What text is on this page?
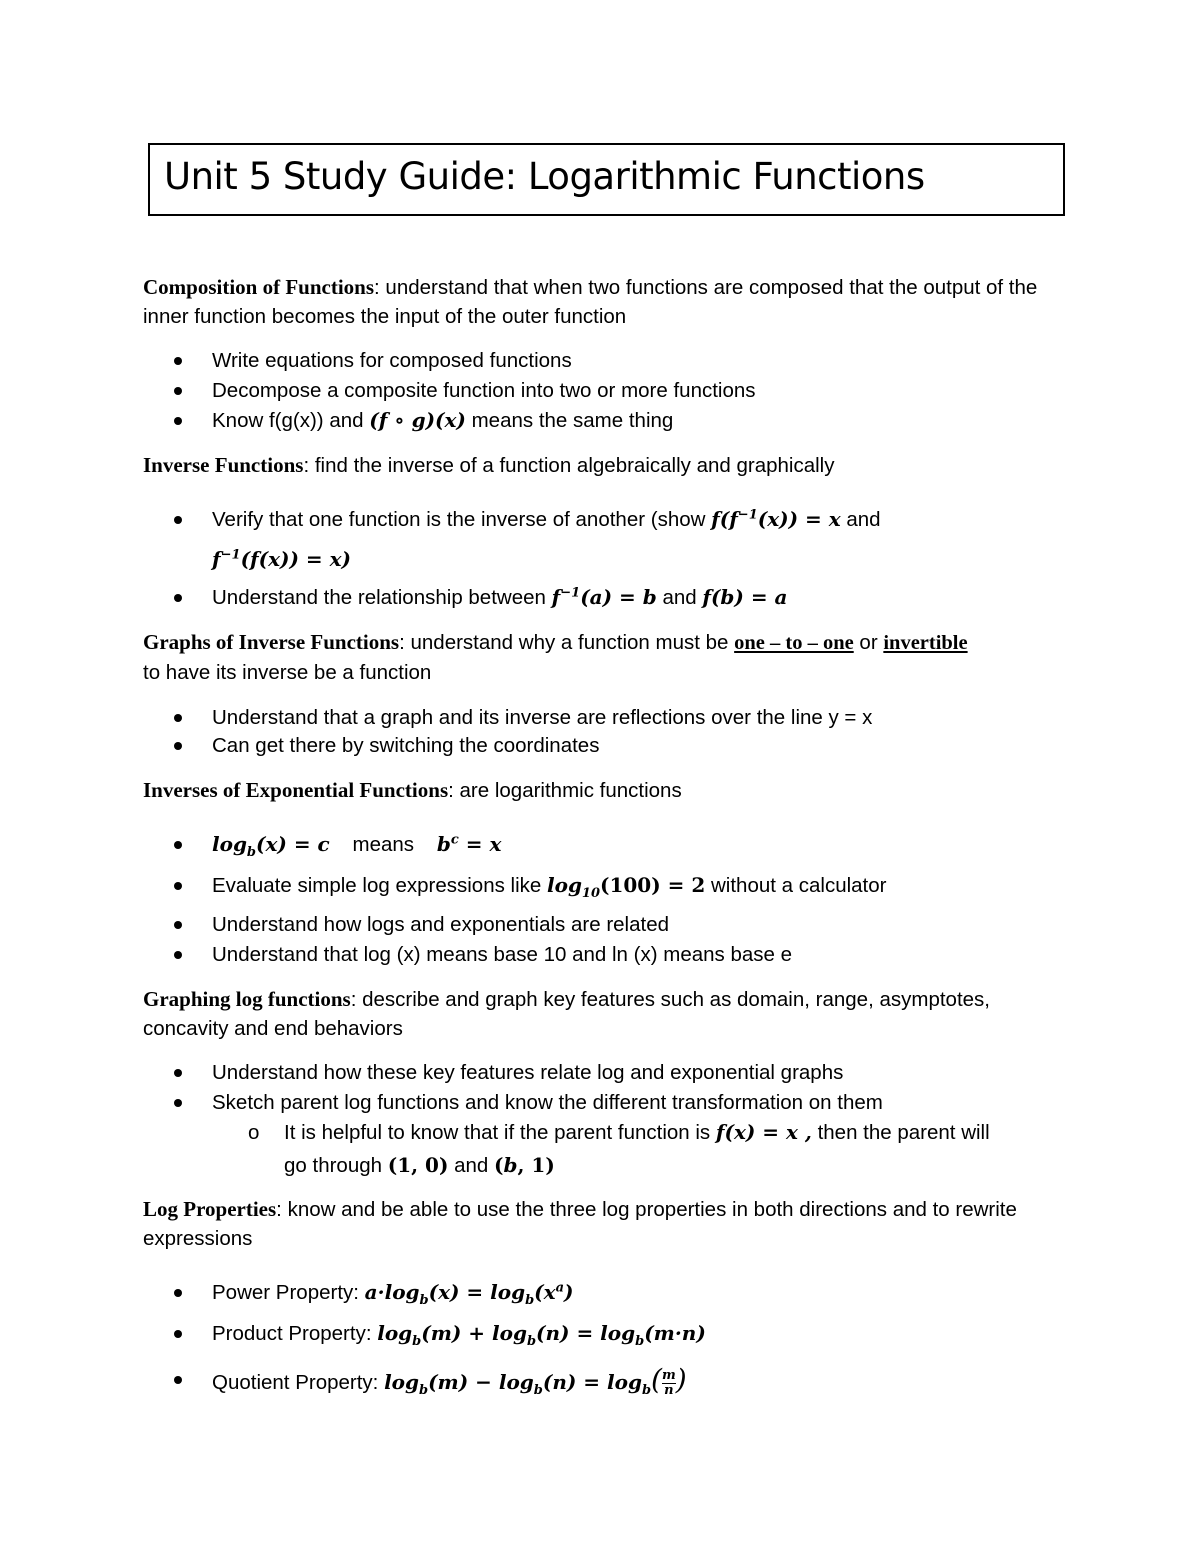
Unit 5 Study Guide: Logarithmic Functions
Composition of Functions: understand that when two functions are composed that the output of the inner function becomes the input of the outer function
Write equations for composed functions
Decompose a composite function into two or more functions
Know f(g(x)) and (f ∘ g)(x) means the same thing
Inverse Functions: find the inverse of a function algebraically and graphically
Verify that one function is the inverse of another (show $f(f^{-1}(x)) = x$ and
$f^{-1}(f(x)) = x$)
Understand the relationship between $f^{-1}(a) = b$ and f(b) = a
Graphs of Inverse Functions: understand why a function must be one – to – one or invertible
to have its inverse be a function
Understand that a graph and its inverse are reflections over the line y = x
Can get there by switching the coordinates
Inverses of Exponential Functions: are logarithmic functions
$\log_b(x) = c$ means $b^c = x$
Evaluate simple log expressions like $\log_{10}(100) = 2$ without a calculator
Understand how logs and exponentials are related
Understand that log (x) means base 10 and ln (x) means base e
Graphing log functions: describe and graph key features such as domain, range, asymptotes, concavity and end behaviors
Understand how these key features relate log and exponential graphs
Sketch parent log functions and know the different transformation on them
o It is helpful to know that if the parent function is f(x) = x , then the parent will
go through (1, 0) and (b, 1)
Log Properties: know and be able to use the three log properties in both directions and to rewrite expressions
Power Property: $a\cdot\log_b(x) = \log_b(x^a)$
Product Property: $\log_b(m) + \log_b(n) = \log_b(m\cdot n)$
Quotient Property: $\log_b(m) - \log_b(n) = \log_b( \frac{m}{n}$ )
